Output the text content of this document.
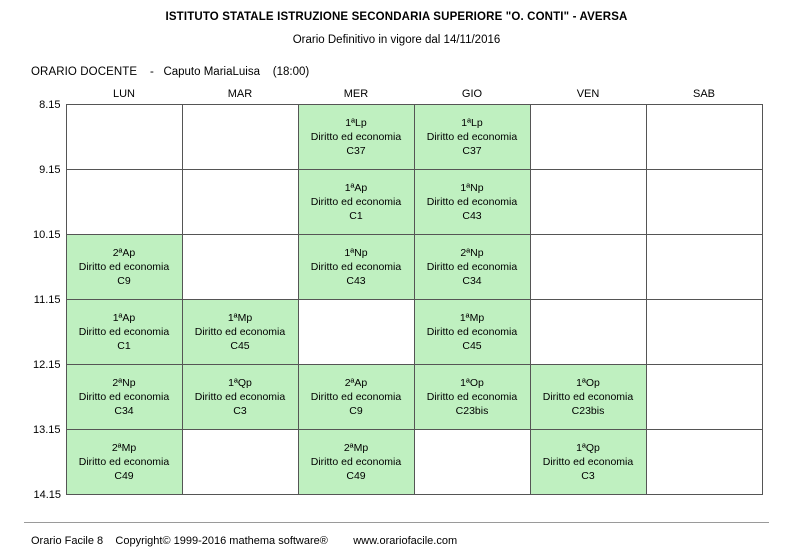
ISTITUTO STATALE ISTRUZIONE SECONDARIA SUPERIORE "O. CONTI" - AVERSA
Orario Definitivo in vigore dal 14/11/2016
ORARIO DOCENTE - Caputo MariaLuisa (18:00)
	LUN	MAR	MER	GIO	VEN	SAB
8.15			1ªLp
Diritto ed economia
C37	1ªLp
Diritto ed economia
C37		

9.15			1ªAp
Diritto ed economia
C1	1ªNp
Diritto ed economia
C43		

10.15	2ªAp
Diritto ed economia
C9		1ªNp
Diritto ed economia
C43	2ªNp
Diritto ed economia
C34		

11.15	1ªAp
Diritto ed economia
C1	1ªMp
Diritto ed economia
C45		1ªMp
Diritto ed economia
C45		

12.15	2ªNp
Diritto ed economia
C34	1ªQp
Diritto ed economia
C3	2ªAp
Diritto ed economia
C9	1ªOp
Diritto ed economia
C23bis	1ªOp
Diritto ed economia
C23bis	

13.15	2ªMp
Diritto ed economia
C49		2ªMp
Diritto ed economia
C49		1ªQp
Diritto ed economia
C3	

14.15						
Orario Facile 8 Copyright© 1999-2016 mathema software® www.orariofacile.com
